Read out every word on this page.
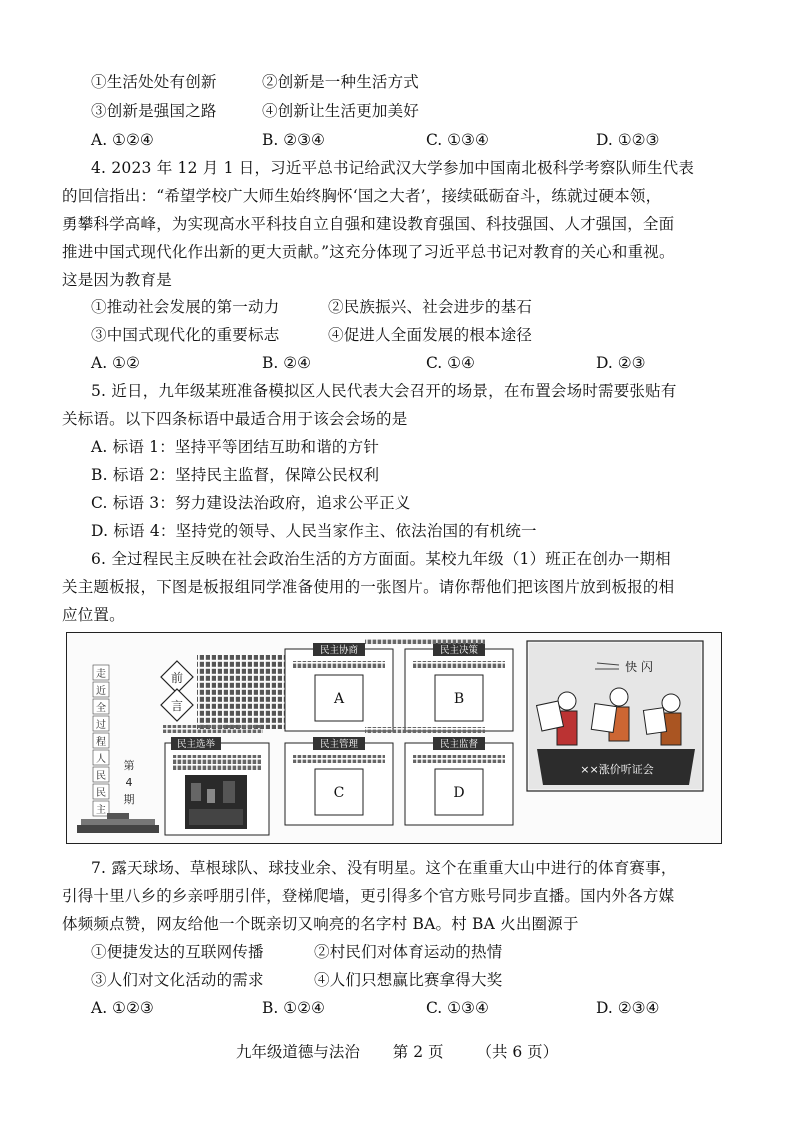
①生活处处有创新	②创新是一种生活方式
③创新是强国之路	④创新让生活更加美好
A. ①②④	B. ②③④	C. ①③④	D. ①②③
4. 2023 年 12 月 1 日，习近平总书记给武汉大学参加中国南北极科学考察队师生代表
的回信指出：“希望学校广大师生始终胸怀‘国之大者’，接续砥砺奋斗，练就过硬本领，
勇攀科学高峰，为实现高水平科技自立自强和建设教育强国、科技强国、人才强国，全面
推进中国式现代化作出新的更大贡献。”这充分体现了习近平总书记对教育的关心和重视。
这是因为教育是
①推动社会发展的第一动力	②民族振兴、社会进步的基石
③中国式现代化的重要标志	④促进人全面发展的根本途径
A. ①②	B. ②④	C. ①④	D. ②③
5. 近日，九年级某班准备模拟区人民代表大会召开的场景，在布置会场时需要张贴有
关标语。以下四条标语中最适合用于该会会场的是
A. 标语 1：坚持平等团结互助和谐的方针
B. 标语 2：坚持民主监督，保障公民权利
C. 标语 3：努力建设法治政府，追求公平正义
D. 标语 4：坚持党的领导、人民当家作主、依法治国的有机统一
6. 全过程民主反映在社会政治生活的方方面面。某校九年级（1）班正在创办一期相
关主题板报，下图是板报组同学准备使用的一张图片。请你帮他们把该图片放到板报的相
应位置。
走
近
全
过
程
人
民
民
主
第
4
期
前
言
民主选举
民主协商
A
民主决策
B
民主管理
C
民主监督
D
快 闪
××涨价听证会
7. 露天球场、草根球队、球技业余、没有明星。这个在重重大山中进行的体育赛事，
引得十里八乡的乡亲呼朋引伴，登梯爬墙，更引得多个官方账号同步直播。国内外各方媒
体频频点赞，网友给他一个既亲切又响亮的名字村 BA。村 BA 火出圈源于
①便捷发达的互联网传播	②村民们对体育运动的热情
③人们对文化活动的需求	④人们只想赢比赛拿得大奖
A. ①②③	B. ①②④	C. ①③④	D. ②③④
九年级道德与法治 第 2 页 （共 6 页）
